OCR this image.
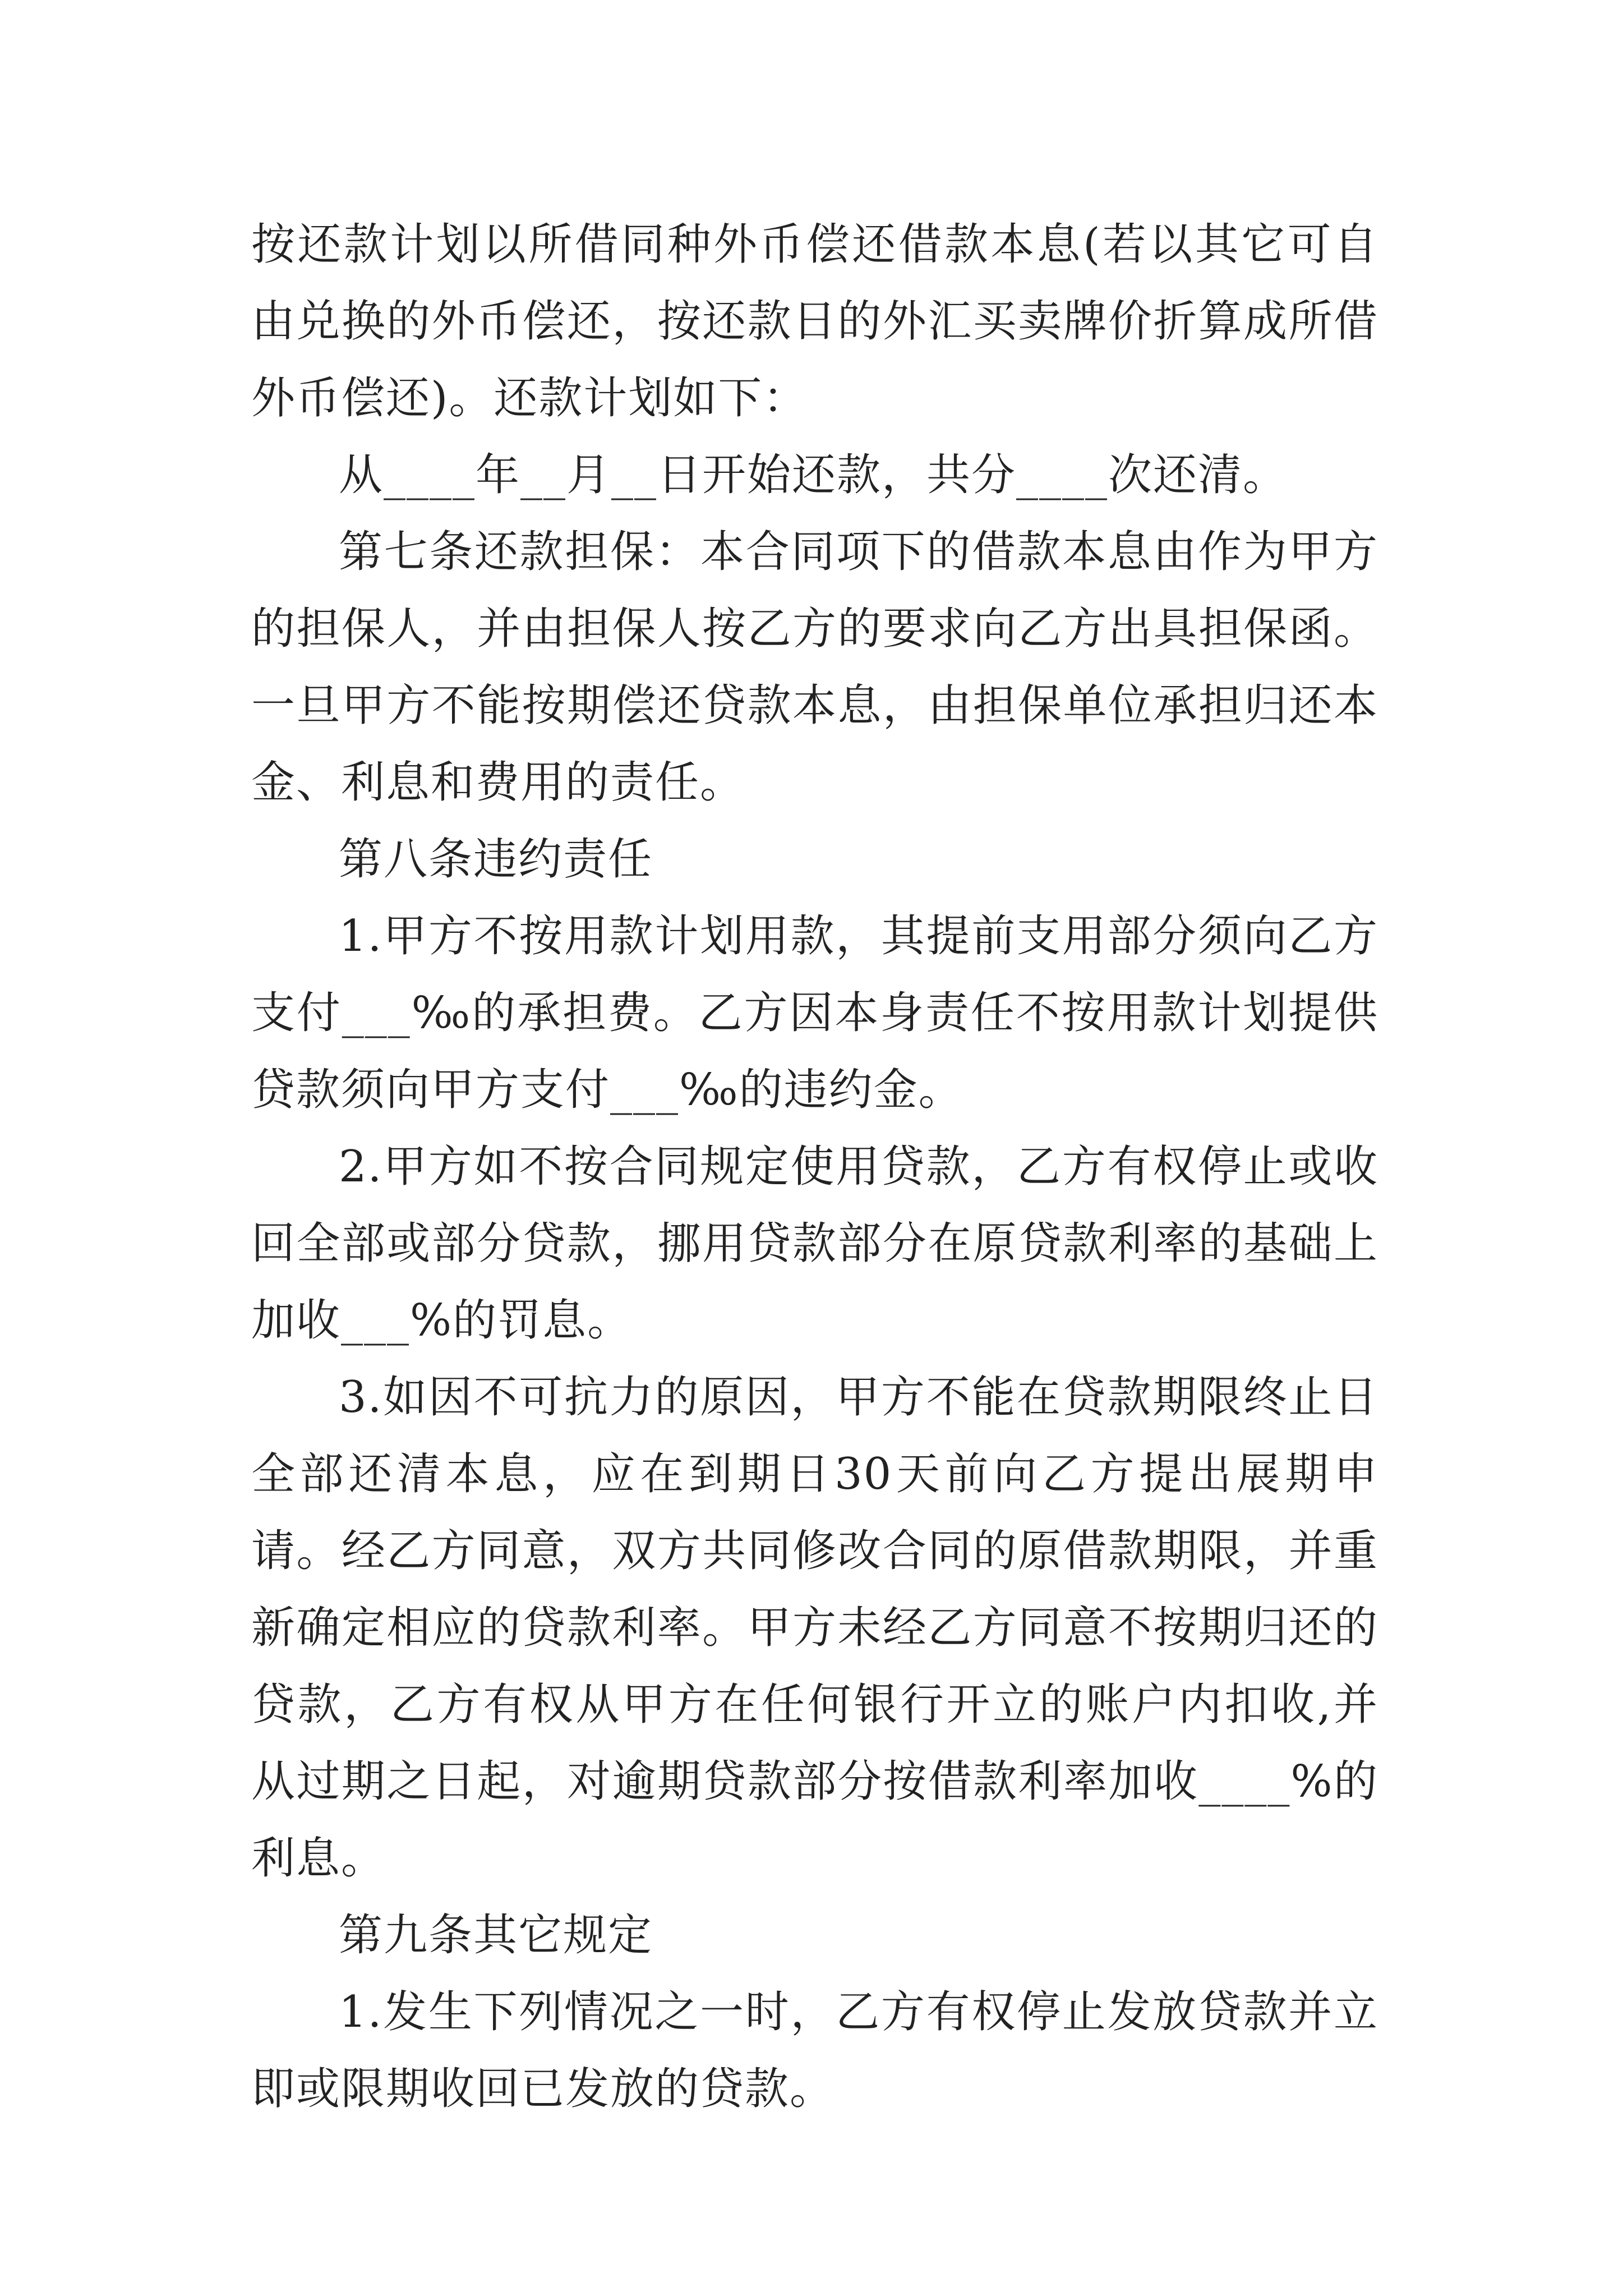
按还款计划以所借同种外币偿还借款本息(若以其它可自由兑换的外币偿还，按还款日的外汇买卖牌价折算成所借外币偿还)。还款计划如下：

从____年__月__日开始还款，共分____次还清。

第七条还款担保：本合同项下的借款本息由作为甲方的担保人，并由担保人按乙方的要求向乙方出具担保函。一旦甲方不能按期偿还贷款本息，由担保单位承担归还本金、利息和费用的责任。

第八条违约责任

1.甲方不按用款计划用款，其提前支用部分须向乙方支付___‰的承担费。乙方因本身责任不按用款计划提供贷款须向甲方支付___‰的违约金。

2.甲方如不按合同规定使用贷款，乙方有权停止或收回全部或部分贷款，挪用贷款部分在原贷款利率的基础上加收___%的罚息。

3.如因不可抗力的原因，甲方不能在贷款期限终止日全部还清本息，应在到期日30天前向乙方提出展期申请。经乙方同意，双方共同修改合同的原借款期限，并重新确定相应的贷款利率。甲方未经乙方同意不按期归还的贷款，乙方有权从甲方在任何银行开立的账户内扣收,并从过期之日起，对逾期贷款部分按借款利率加收____%的利息。

第九条其它规定

1.发生下列情况之一时，乙方有权停止发放贷款并立即或限期收回已发放的贷款。
